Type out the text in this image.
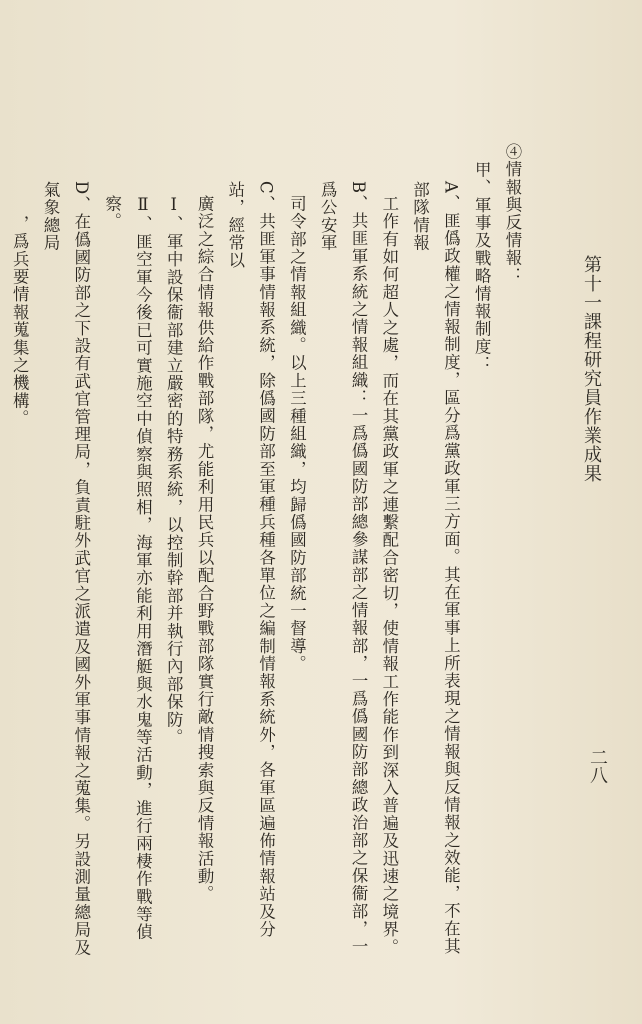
第十一課程研究員作業成果
二八
④情報與反情報：
甲、軍事及戰略情報制度：
A、匪僞政權之情報制度，區分爲黨政軍三方面。其在軍事上所表現之情報與反情報之效能，不在其部隊情報
工作有如何超人之處，而在其黨政軍之連繫配合密切，使情報工作能作到深入普遍及迅速之境界。
B、共匪軍系統之情報組織：一爲僞國防部總參謀部之情報部，一爲僞國防部總政治部之保衞部，一爲公安軍
司令部之情報組織。以上三種組織，均歸僞國防部統一督導。
C、共匪軍事情報系統，除僞國防部至軍種兵種各單位之編制情報系統外，各軍區遍佈情報站及分站，經常以
廣泛之綜合情報供給作戰部隊，尤能利用民兵以配合野戰部隊實行敵情搜索與反情報活動。
Ⅰ、軍中設保衞部建立嚴密的特務系統，以控制幹部并執行內部保防。
Ⅱ、匪空軍今後已可實施空中偵察與照相，海軍亦能利用潛艇與水鬼等活動，進行兩棲作戰等偵察。
D、在僞國防部之下設有武官管理局，負責駐外武官之派遣及國外軍事情報之蒐集。另設測量總局及氣象總局
，爲兵要情報蒐集之機構。
